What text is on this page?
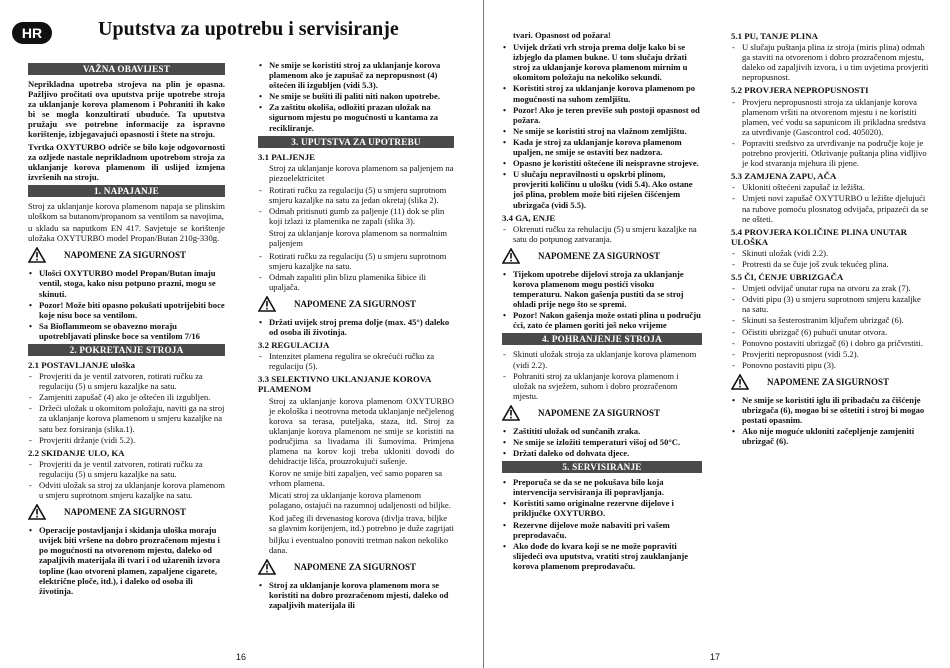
HR	Uputstva za upotrebu i servisiranje
VAŽNA OBAVIJEST

Neprikladna upotreba strojeva na plin je opasna. Pažljivo pročitati ova uputstva prije upotrebe stroja za uklanjanje korova plamenom i Pohraniti ih kako bi se mogla konzultirati ubuduće. Ta uputstva pružaju sve potrebne informacije za ispravno korištenje, izbjegavajući opasnosti i štete na stroju.

Tvrtka OXYTURBO odriče se bilo koje odgovornosti za ozljede nastale neprikladnom upotrebom stroja za uklanjanje korova plamenom ili uslijed izmjena izvršenih na stroju.

1. NAPAJANJE

Stroj za uklanjanje korova plamenom napaja se plinskim uloškom sa butanom/propanom sa ventilom sa navojima,

u skladu sa naputkom EN 417. Savjetuje se korištenje uložaka OXYTURBO model Propan/Butan 210g-330g.

NAPOMENE ZA SIGURNOST
• Ulošci OXYTURBO model Propan/Butan imaju ventil, stoga, kako nisu potpuno prazni, mogu se skinuti.
• Pozor! Može biti opasno pokušati upotrijebiti boce koje nisu boce sa ventilom.
• Sa Bioflammeom se obavezno moraju upotrebljavati plinske boce sa ventilom 7/16
2. POKRETANJE STROJA
2.1 POSTAVLJANJE uloška
- Provjeriti da je ventil zatvoren, rotirati ručku za regulaciju (5) u smjeru kazaljke na satu.
- Zamjeniti zapušač (4) ako je oštećen ili izgubljen.
- Držeći uložak u okomitom položaju, naviti ga na stroj za uklanjanje korova plamenom u smjeru kazaljke na satu bez forsiranja (slika.1).
- Provjeriti držanje (vidi 5.2).
2.2 SKIDANJE ULO, KA
- Provjeriti da je ventil zatvoren, rotirati ručku za regulaciju (5) u smjeru kazaljke na satu.
- Odviti uložak sa stroj za uklanjanje korova plamenom u smjeru suprotnom smjeru kazaljke na satu.
NAPOMENE ZA SIGURNOST
• Operacije postavljanja i skidanja uloška moraju uvijek biti vršene na dobro prozračenom mjestu i po mogućnosti na otvorenom mjestu, daleko od zapaljivih materijala ili tvari i od užarenih izvora topline (kao otvoreni plamen, zapaljene cigarete, električne ploče, itd.), i daleko od osoba ili životinja.
• Ne smije se koristiti stroj za uklanjanje korova plamenom ako je zapušač za nepropusnost (4) oštećen ili izgubljen (vidi 5.3).
• Ne smije se bušiti ili paliti niti nakon upotrebe.
• Za zaštitu okoliša, odložiti prazan uložak na sigurnom mjestu po mogućnosti u kantama za recikliranje.
3. UPUTSTVA ZA UPOTREBU
3.1 PALJENJE

Stroj za uklanjanje korova plamenom sa paljenjem na piezoelektricitet

- Rotirati ručku za regulaciju (5) u smjeru suprotnom smjeru kazaljke na satu za jedan okretaj (slika 2).
- Odmah pritisnuti gumb za paljenje (11) dok se plin koji izlazi iz plamenika ne zapali (slika 3).

Stroj za uklanjanje korova plamenom sa normalnim paljenjem

- Rotirati ručku za regulaciju (5) u smjeru suprotnom smjeru kazaljke na satu.
- Odmah zapaliti plin blizu plamenika šibice ili upaljača.
NAPOMENE ZA SIGURNOST
• Držati uvijek stroj prema dolje (max. 45°) daleko od osoba ili životinja.
3.2 REGULACIJA
- Intenzitet plamena regulira se okrećući ručku za regulaciju (5).
3.3 SELEKTIVNO UKLANJANJE KOROVA PLAMENOM

Stroj za uklanjanje korova plamenom OXYTURBO je ekološka i neotrovna metoda uklanjanje nečjelenog korova sa terasa, puteljaka, staza, itd. Stroj za uklanjanje korova plamenom ne smije se koristiti na područjima sa livadama ili šumovima. Primjena plamena na korov koji treba ukloniti dovodi do dehidracije lišća, prouzrokujući sušenje.

Korov ne smije biti zapaljen, već samo poparen sa vrhom plamena.

Micati stroj za uklanjanje korova plamenom polagano, ostajući na razumnoj udaljenosti od biljke.

Kod jačeg ili drvenastog korova (divlja trava, biljke sa glavnim korijenjem, itd.) potrebno je duže zagrijati

biljku i eventualno ponoviti tretman nakon nekoliko dana.

NAPOMENE ZA SIGURNOST
• Stroj za uklanjanje korova plamenom mora se koristiti na dobro prozračenom mjesti, daleko od zapaljivih materijala ili
16

tvari. Opasnost od požara!

• Uvijek držati vrh stroja prema dolje kako bi se izbjeglo da plamen bukne. U tom slučaju držati stroj za uklanjanje korova plamenom mirnim u okomitom položaju na nekoliko sekundi.
• Koristiti stroj za uklanjanje korova plamenom po mogućnosti na suhom zemljištu.
• Pozor! Ako je teren previše suh postoji opasnost od požara.
• Ne smije se koristiti stroj na vlažnom zemljištu.
• Kada je stroj za uklanjanje korova plamenom upaljen, ne smije se ostaviti bez nadzora.
• Opasno je koristiti oštećene ili neispravne strojeve.
• U slučaju nepravilnosti u opskrbi plinom, provjeriti količinu u ulošku (vidi 5.4). Ako ostane još plina, problem može biti riješen čišćenjem ubrizgača (vidi 5.5).
3.4 GA, ENJE
- Okrenuti ručku za rehulaciju (5) u smjeru kazaljke na satu do potpunog zatvaranja.
NAPOMENE ZA SIGURNOST
• Tijekom upotrebe dijelovi stroja za uklanjanje korova plamenom mogu postići visoku temperaturu. Nakon gašenja pustiti da se stroj ohladi prije nego što se spremi.
• Pozor! Nakon gašenja može ostati plina u području ćci, zato će plamen goriti još neko vrijeme
4. POHRANJENJE STROJA
- Skinuti uložak stroja za uklanjanje korova plamenom (vidi 2.2).
- Pohraniti stroj za uklanjanje korova plamenom i uložak na svježem, suhom i dobro prozračenom mjestu.
NAPOMENE ZA SIGURNOST
• Zaštititi uložak od sunčanih zraka.
• Ne smije se izložiti temperaturi višoj od 50°C.
• Držati daleko od dohvata djece.
5. SERVISIRANJE
• Preporuča se da se ne pokušava bilo koja intervencija servisiranja ili popravljanja.
• Koristiti samo originalne rezervne dijelove i priključke OXYTURBO.
• Rezervne dijelove može nabaviti pri vašem preprodavaču.
• Ako dođe do kvara koji se ne može popraviti slijedeći ova uputstva, vratiti stroj zauklanjanje korova plamenom preprodavaču.
5.1 PU, TANJE PLINA
- U slučaju puštanja plina iz stroja (miris plina) odmah ga staviti na otvorenom i dobro prozračenom mjestu, daleko od zapaljivih izvora, i u tim uvjetima provjeriti nepropusnost.
5.2 PROVJERA NEPROPUSNOSTI
- Provjeru nepropusnosti stroja za uklanjanje korova plamenom vršiti na otvorenom mjestu i ne koristiti plamen, već vodu sa sapunicom ili prikladna sredstva za utvrđivanje (Gascontrol cod. 405020).
- Popraviti sredstvo za utvrđivanje na područje koje je potrebno provjeriti. Otkrivanje puštanja plina vidljivo je kod stvaranja mjehura ili pjene.
5.3 ZAMJENA ZAPU, AČA
- Ukloniti oštećeni zapušač iz ležišta.
- Umjeti novi zapušač OXYTURBO u ležište djelujući na rubove pomoću plosnatog odvijača, pripazeći da se ne ošteti.
5.4 PROVJERA KOLIČINE PLINA UNUTAR ULOŠKA
- Skinuti uložak (vidi 2.2).
- Protresti da se čuje još zvuk tekućeg plina.
5.5 ČI, ĆENJE UBRIZGAČA
- Umjeti odvijač unutar rupa na otvoru za zrak (7).
- Odviti pipu (3) u smjeru suprotnom smjeru kazaljke na satu.
- Skinuti sa šesterostranim ključem ubrizgač (6).
- Očistiti ubrizgač (6) puhući unutar otvora.
- Ponovno postaviti ubrizgač (6) i dobro ga pričvrstiti.
- Provjeriti nepropusnost (vidi 5.2).
- Ponovno postaviti pipu (3).
NAPOMENE ZA SIGURNOST
• Ne smije se koristiti iglu ili pribadaču za čišćenje ubrizgača (6), mogao bi se oštetiti i stroj bi mogao postati opasnim.
• Ako nije moguće ukloniti začepljenje zamjeniti ubrizgač (6).
17
